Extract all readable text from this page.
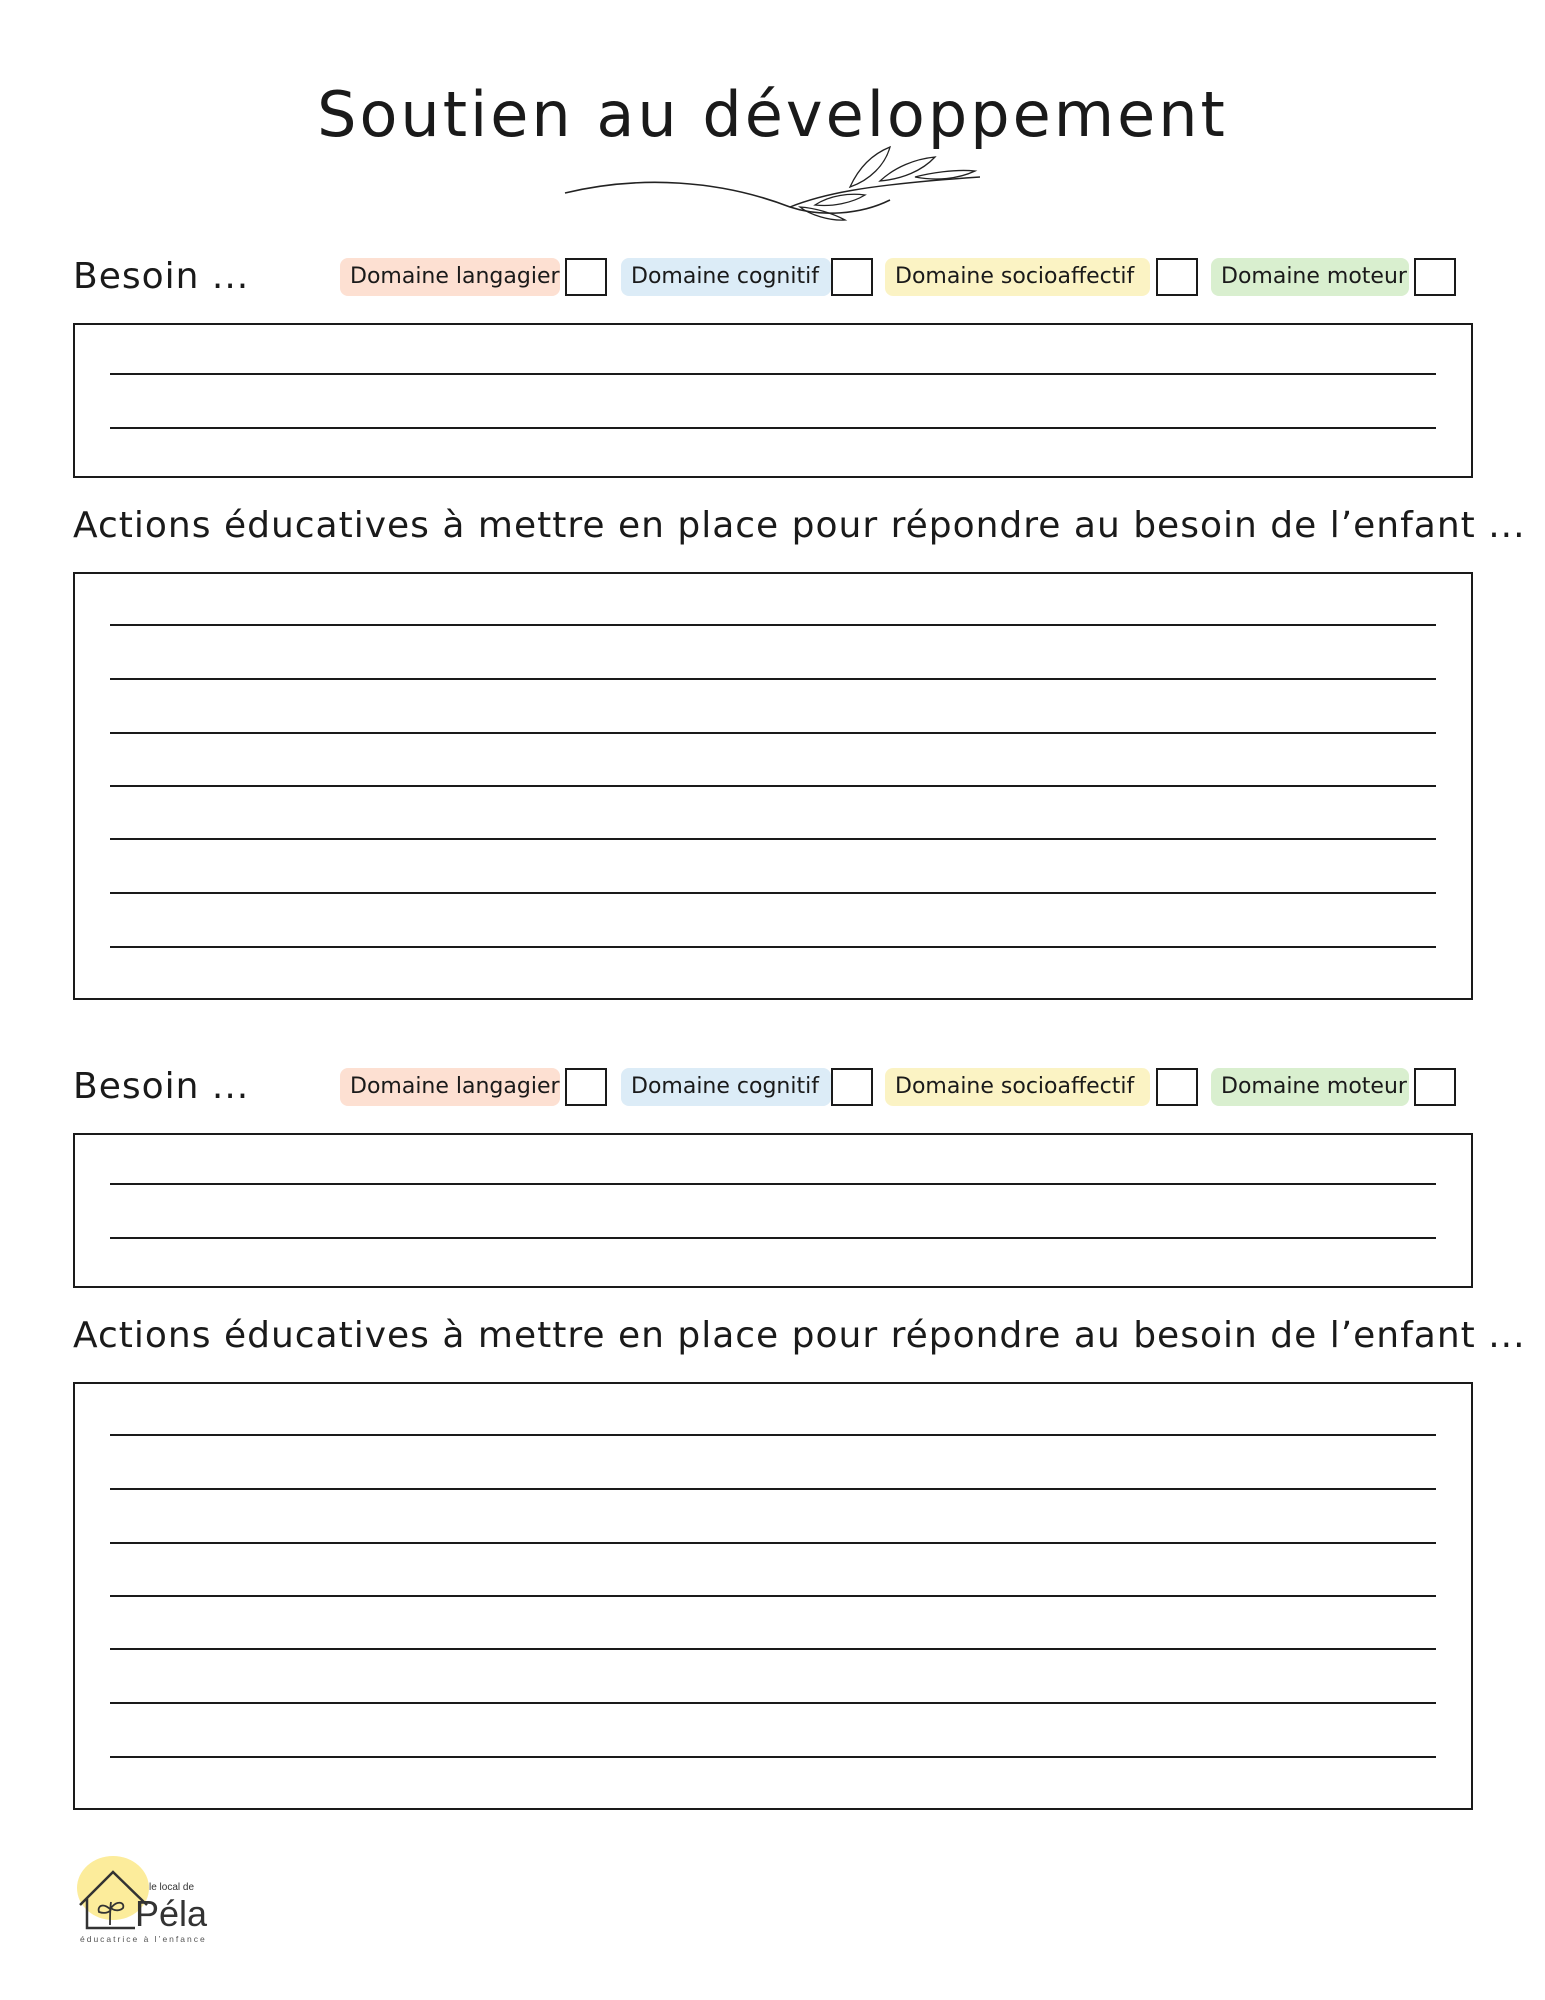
Soutien au développement
Besoin ...	Domaine langagier	Domaine cognitif	Domaine socioaffectif	Domaine moteur
Actions éducatives à mettre en place pour répondre au besoin de l’enfant ...
Besoin ...	Domaine langagier	Domaine cognitif	Domaine socioaffectif	Domaine moteur
Actions éducatives à mettre en place pour répondre au besoin de l’enfant ...
le local de
Péla
éducatrice à l’enfance
